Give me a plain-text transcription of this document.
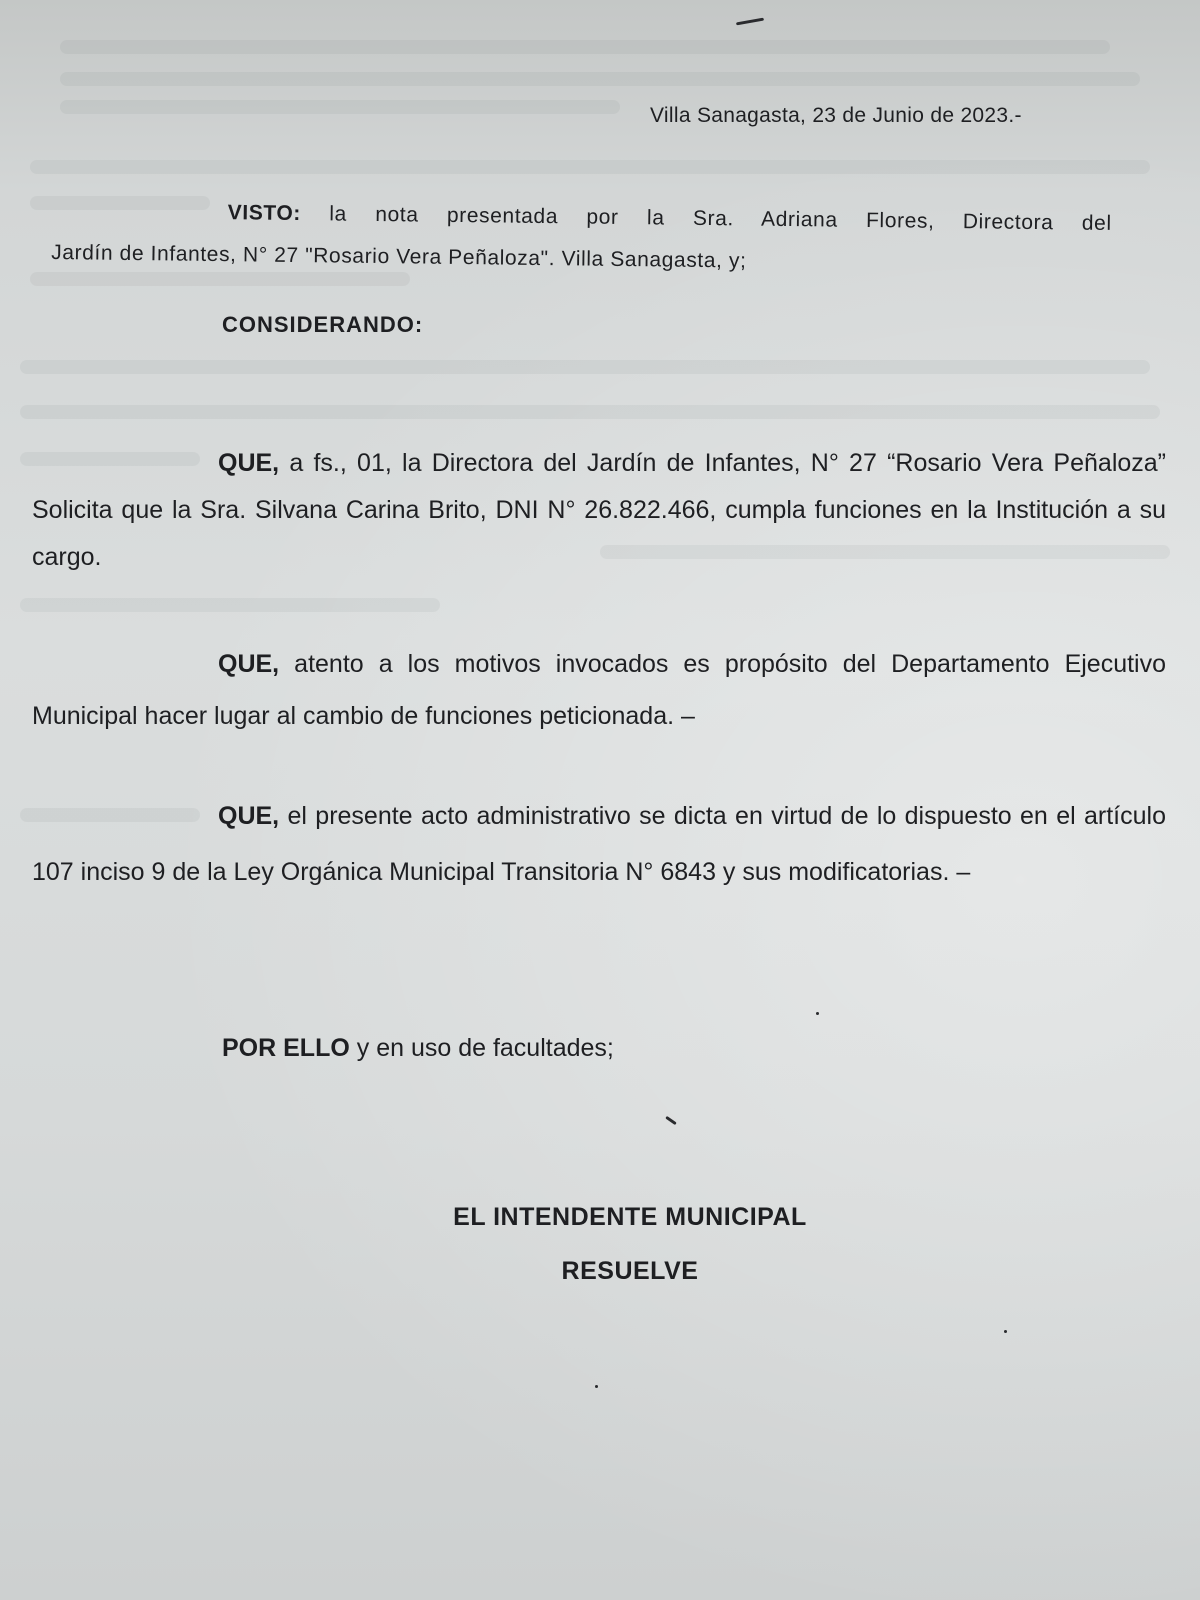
Villa Sanagasta, 23 de Junio de 2023.-
VISTO: la nota presentada por la Sra. Adriana Flores, Directora del
Jardín de Infantes, N° 27 "Rosario Vera Peñaloza". Villa Sanagasta, y;
CONSIDERANDO:
QUE, a fs., 01, la Directora del Jardín de Infantes, N° 27 “Rosario Vera Peñaloza” Solicita que la Sra. Silvana Carina Brito, DNI N° 26.822.466, cumpla funciones en la Institución a su cargo.
QUE, atento a los motivos invocados es propósito del Departamento Ejecutivo Municipal hacer lugar al cambio de funciones peticionada. –
QUE, el presente acto administrativo se dicta en virtud de lo dispuesto en el artículo 107 inciso 9 de la Ley Orgánica Municipal Transitoria N° 6843 y sus modificatorias. –
POR ELLO y en uso de facultades;
EL INTENDENTE MUNICIPAL
RESUELVE
